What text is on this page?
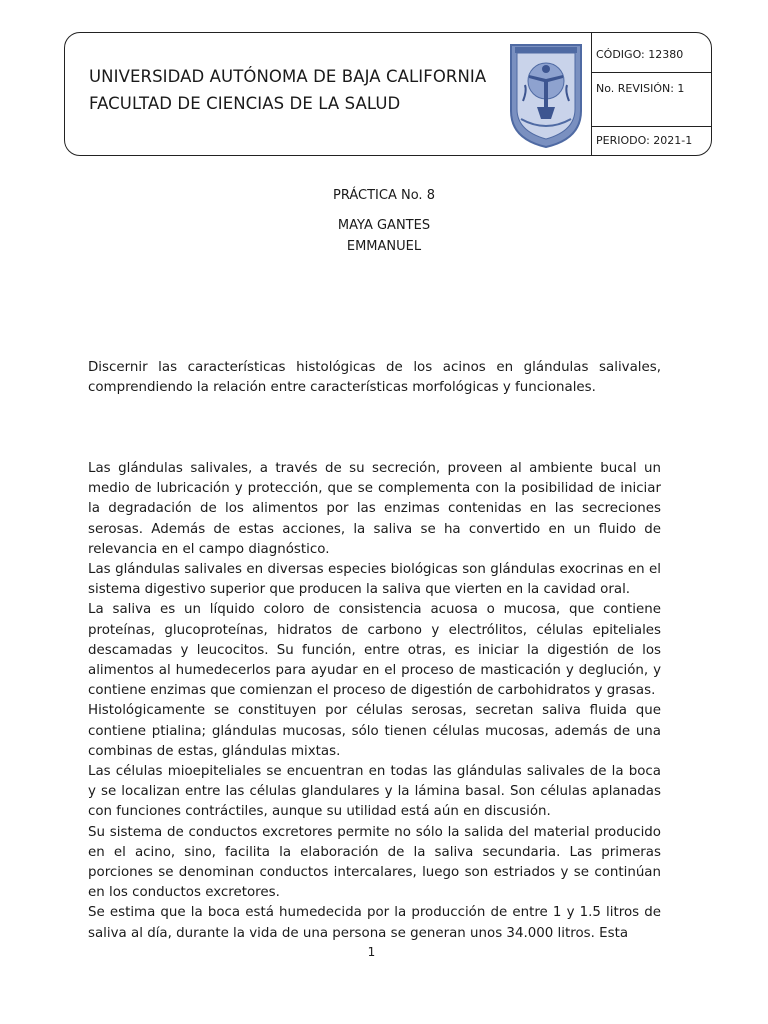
UNIVERSIDAD AUTÓNOMA DE BAJA CALIFORNIA
FACULTAD DE CIENCIAS DE LA SALUD
CÓDIGO: 12380
No. REVISIÓN: 1
PERIODO: 2021-1
PRÁCTICA No. 8
MAYA GANTES
EMMANUEL

Discernir las características histológicas de los acinos en glándulas salivales, comprendiendo la relación entre características morfológicas y funcionales.

Las glándulas salivales, a través de su secreción, proveen al ambiente bucal un medio de lubricación y protección, que se complementa con la posibilidad de iniciar la degradación de los alimentos por las enzimas contenidas en las secreciones serosas. Además de estas acciones, la saliva se ha convertido en un fluido de relevancia en el campo diagnóstico.

Las glándulas salivales en diversas especies biológicas son glándulas exocrinas en el sistema digestivo superior que producen la saliva que vierten en la cavidad oral.

La saliva es un líquido coloro de consistencia acuosa o mucosa, que contiene proteínas, glucoproteínas, hidratos de carbono y electrólitos, células epiteliales descamadas y leucocitos. Su función, entre otras, es iniciar la digestión de los alimentos al humedecerlos para ayudar en el proceso de masticación y deglución, y contiene enzimas que comienzan el proceso de digestión de carbohidratos y grasas.

Histológicamente se constituyen por células serosas, secretan saliva fluida que contiene ptialina; glándulas mucosas, sólo tienen células mucosas, además de una combinas de estas, glándulas mixtas.

Las células mioepiteliales se encuentran en todas las glándulas salivales de la boca y se localizan entre las células glandulares y la lámina basal. Son células aplanadas con funciones contráctiles, aunque su utilidad está aún en discusión.

Su sistema de conductos excretores permite no sólo la salida del material producido en el acino, sino, facilita la elaboración de la saliva secundaria. Las primeras porciones se denominan conductos intercalares, luego son estriados y se continúan en los conductos excretores.

Se estima que la boca está humedecida por la producción de entre 1 y 1.5 litros de saliva al día, durante la vida de una persona se generan unos 34.000 litros. Esta

1
